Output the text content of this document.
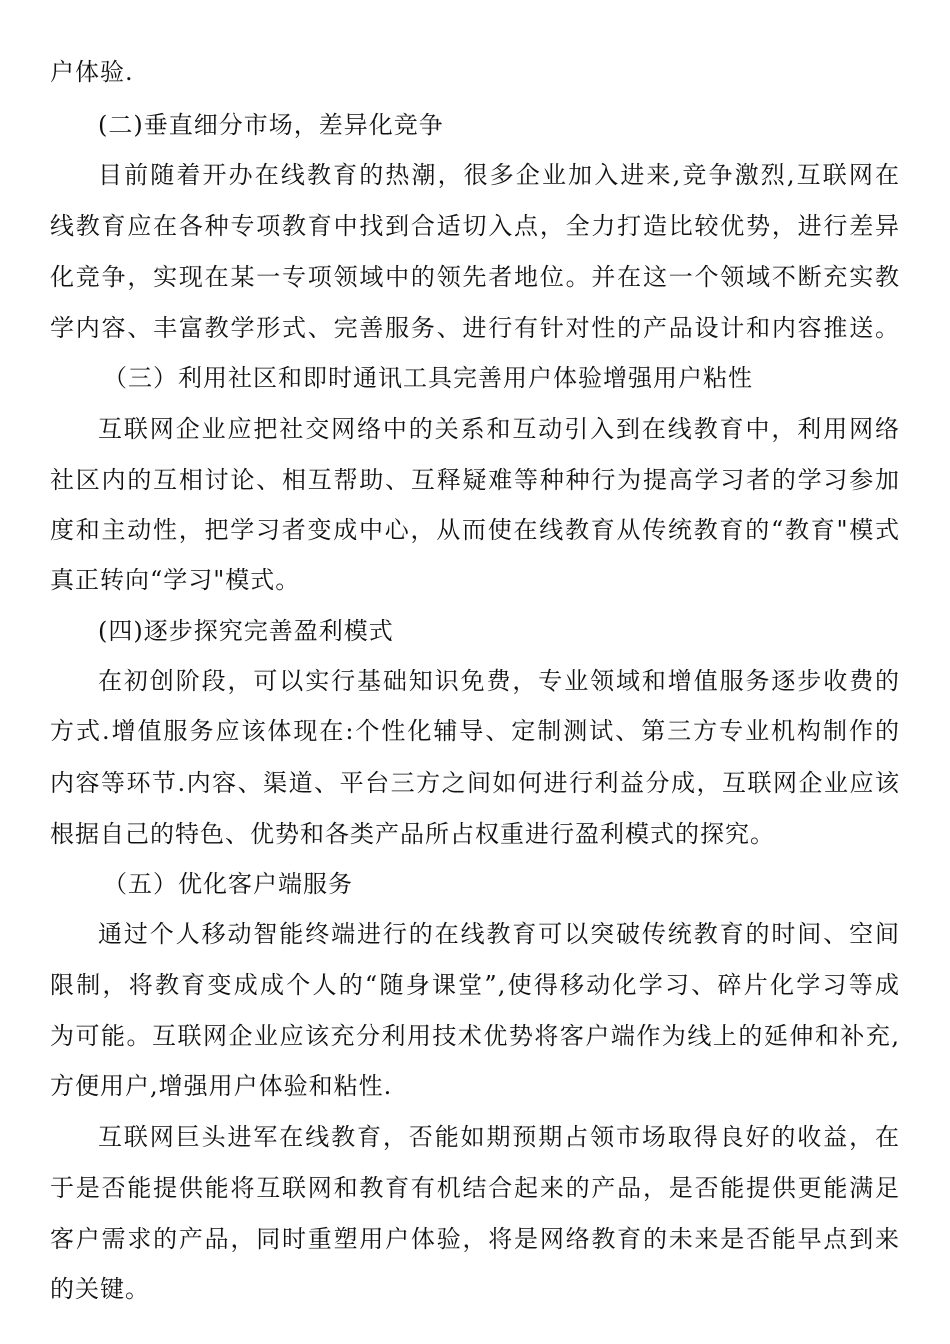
户体验.
(二)垂直细分市场，差异化竞争
目前随着开办在线教育的热潮，很多企业加入进来,竞争激烈,互联网在
线教育应在各种专项教育中找到合适切入点，全力打造比较优势，进行差异
化竞争，实现在某一专项领域中的领先者地位。并在这一个领域不断充实教
学内容、丰富教学形式、完善服务、进行有针对性的产品设计和内容推送。
（三）利用社区和即时通讯工具完善用户体验增强用户粘性
互联网企业应把社交网络中的关系和互动引入到在线教育中，利用网络
社区内的互相讨论、相互帮助、互释疑难等种种行为提高学习者的学习参加
度和主动性，把学习者变成中心，从而使在线教育从传统教育的“教育"模式
真正转向“学习"模式。
(四)逐步探究完善盈利模式
在初创阶段，可以实行基础知识免费，专业领域和增值服务逐步收费的
方式.增值服务应该体现在:个性化辅导、定制测试、第三方专业机构制作的
内容等环节.内容、渠道、平台三方之间如何进行利益分成，互联网企业应该
根据自己的特色、优势和各类产品所占权重进行盈利模式的探究。
（五）优化客户端服务
通过个人移动智能终端进行的在线教育可以突破传统教育的时间、空间
限制，将教育变成成个人的“随身课堂”,使得移动化学习、碎片化学习等成
为可能。互联网企业应该充分利用技术优势将客户端作为线上的延伸和补充,
方便用户,增强用户体验和粘性.
互联网巨头进军在线教育，否能如期预期占领市场取得良好的收益，在
于是否能提供能将互联网和教育有机结合起来的产品，是否能提供更能满足
客户需求的产品，同时重塑用户体验，将是网络教育的未来是否能早点到来
的关键。
